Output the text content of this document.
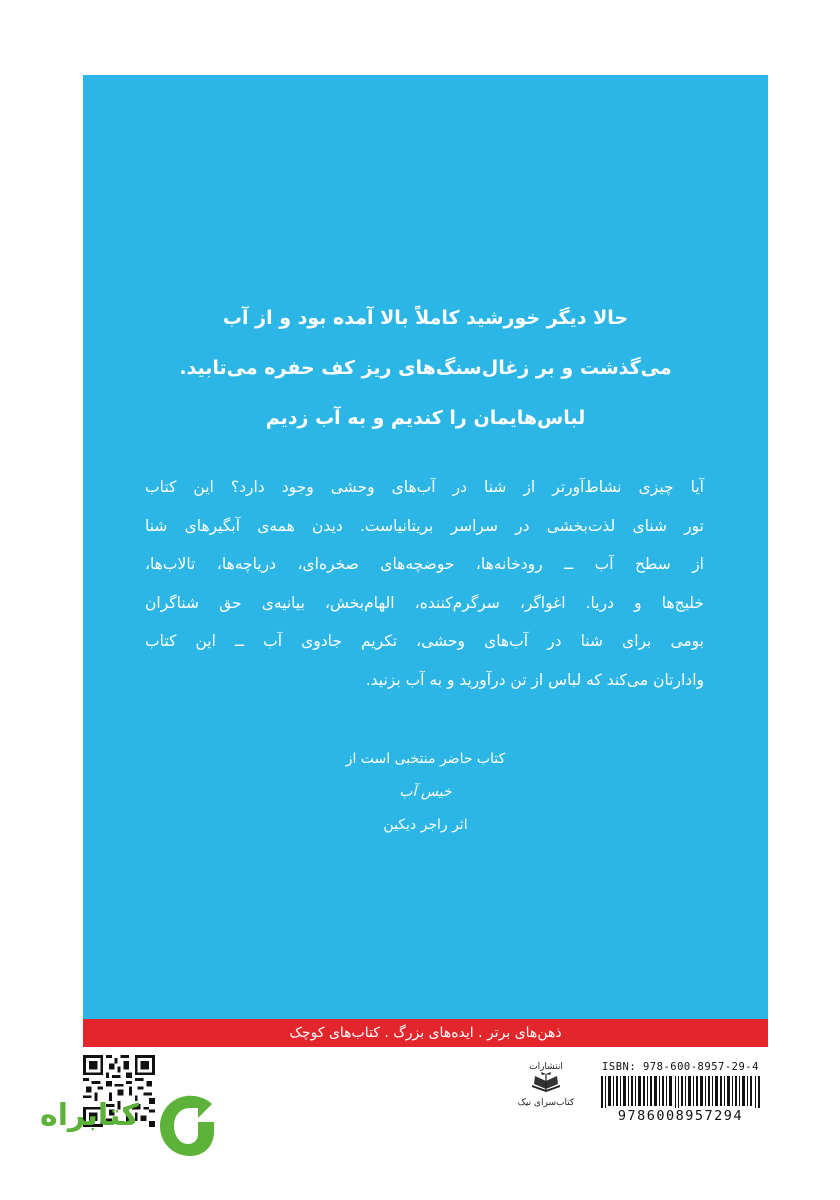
حالا دیگر خورشید کاملاً بالا آمده بود و از آب
می‌گذشت و بر زغال‌سنگ‌های ریز کف حفره می‌تابید.
لباس‌هایمان را کندیم و به آب زدیم
آیا چیزی نشاط‌آورتر از شنا در آب‌های وحشی وجود دارد؟ این کتاب
تور شنای لذت‌بخشی در سراسر بریتانیاست. دیدن همه‌ی آبگیرهای شنا
از سطح آب ــ رودخانه‌ها، حوضچه‌های صخره‌ای، دریاچه‌ها، تالاب‌ها،
خلیج‌ها و دریا. اغواگر، سرگرم‌کننده، الهام‌بخش، بیانیه‌ی حق شناگران
بومی برای شنا در آب‌های وحشی، تکریم جادوی آب ــ این کتاب
وادارتان می‌کند که لباس از تن درآورید و به آب بزنید.
کتاب حاضر منتخبی است از
خیس آب
اثر راجر دیکین
ذهن‌های برتر . ایده‌های بزرگ . کتاب‌های کوچک
انتشارات
کتاب‌سرای نیک
ISBN: 978-600-8957-29-4
9786008957294
کتابراه
